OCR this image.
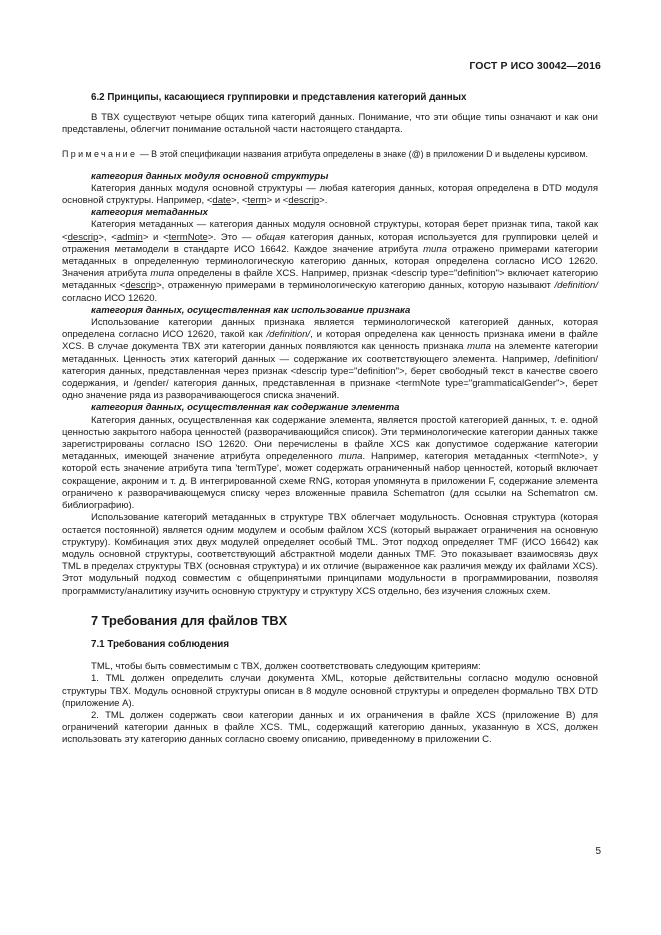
ГОСТ Р ИСО 30042—2016

6.2 Принципы, касающиеся группировки и представления категорий данных

В TBX существуют четыре общих типа категорий данных. Понимание, что эти общие типы означают и как они представлены, облегчит понимание остальной части настоящего стандарта.

Примечание — В этой спецификации названия атрибута определены в знаке (@) в приложении D и выделены курсивом.

категория данных модуля основной структуры

Категория данных модуля основной структуры — любая категория данных, которая определена в DTD модуля основной структуры. Например, <date>, <term> и <descrip>.

категория метаданных

Категория метаданных — категория данных модуля основной структуры, которая берет признак типа, такой как <descrip>, <admin> и <termNote>. Это — общая категория данных, которая используется для группировки целей и отражения метамодели в стандарте ИСО 16642. Каждое значение атрибута типа отражено примерами категории метаданных в определенную терминологическую категорию данных, которая определена согласно ИСО 12620. Значения атрибута типа определены в файле XCS. Например, признак <descrip type="definition"> включает категорию метаданных <descrip>, отраженную примерами в терминологическую категорию данных, которую называют /definition/ согласно ИСО 12620.

категория данных, осуществленная как использование признака

Использование категории данных признака является терминологической категорией данных, которая определена согласно ИСО 12620, такой как /definition/, и которая определена как ценность признака имени в файле XCS. В случае документа TBX эти категории данных появляются как ценность признака типа на элементе категории метаданных. Ценность этих категорий данных — содержание их соответствующего элемента. Например, /definition/ категория данных, представленная через признак <descrip type="definition">, берет свободный текст в качестве своего содержания, и /gender/ категория данных, представленная в признаке <termNote type="grammaticalGender">, берет одно значение ряда из разворачивающегося списка значений.

категория данных, осуществленная как содержание элемента

Категория данных, осуществленная как содержание элемента, является простой категорией данных, т. е. одной ценностью закрытого набора ценностей (разворачивающийся список). Эти терминологические категории данных также зарегистрированы согласно ISO 12620. Они перечислены в файле XCS как допустимое содержание категории метаданных, имеющей значение атрибута определенного типа. Например, категория метаданных <termNote>, у которой есть значение атрибута типа 'termType', может содержать ограниченный набор ценностей, который включает сокращение, акроним и т. д. В интегрированной схеме RNG, которая упомянута в приложении F, содержание элемента ограничено к разворачивающемуся списку через вложенные правила Schematron (для ссылки на Schematron см. библиографию).

Использование категорий метаданных в структуре TBX облегчает модульность. Основная структура (которая остается постоянной) является одним модулем и особым файлом XCS (который выражает ограничения на основную структуру). Комбинация этих двух модулей определяет особый TML. Этот подход определяет TMF (ИСО 16642) как модуль основной структуры, соответствующий абстрактной модели данных TMF. Это показывает взаимосвязь двух TML в пределах структуры TBX (основная структура) и их отличие (выраженное как различия между их файлами XCS). Этот модульный подход совместим с общепринятыми принципами модульности в программировании, позволяя программисту/аналитику изучить основную структуру и структуру XCS отдельно, без изучения сложных схем.

7 Требования для файлов TBX
7.1 Требования соблюдения

TML, чтобы быть совместимым с TBX, должен соответствовать следующим критериям:

1. TML должен определить случаи документа XML, которые действительны согласно модулю основной структуры TBX. Модуль основной структуры описан в 8 модуле основной структуры и определен формально TBX DTD (приложение A).

2. TML должен содержать свои категории данных и их ограничения в файле XCS (приложение B) для ограничений категории данных в файле XCS. TML, содержащий категорию данных, указанную в XCS, должен использовать эту категорию данных согласно своему описанию, приведенному в приложении C.

5
